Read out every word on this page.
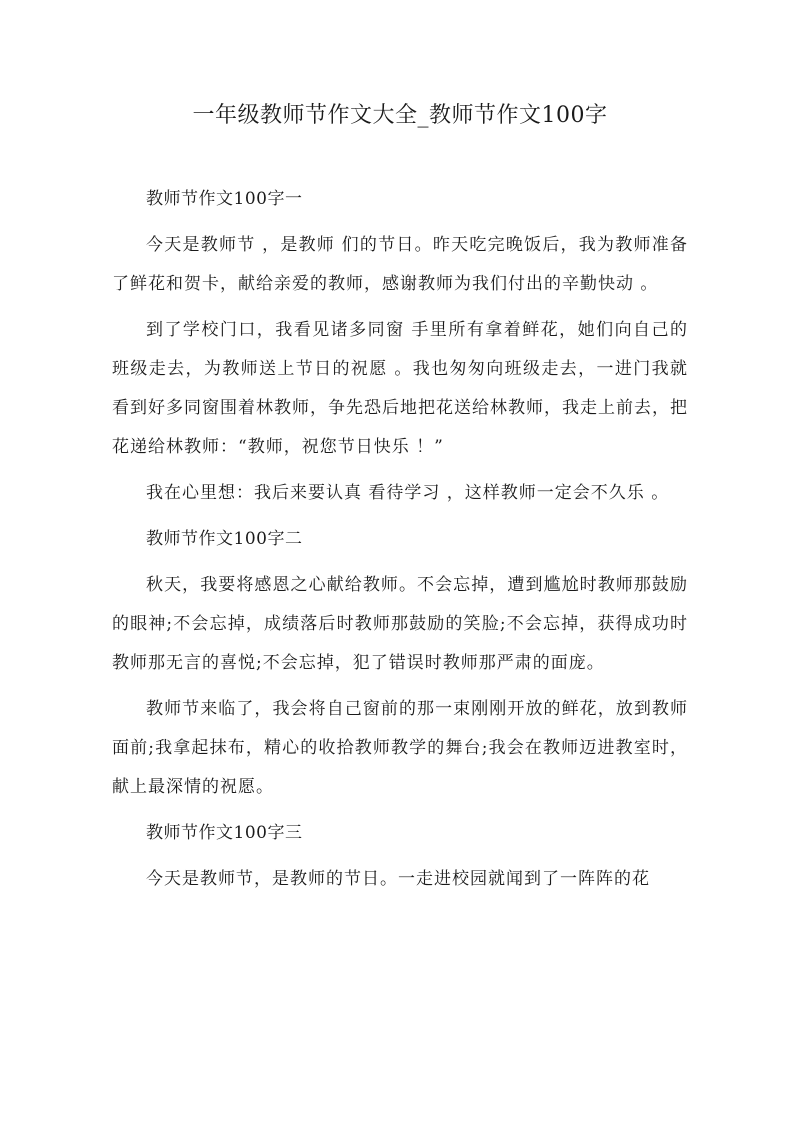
一年级教师节作文大全_教师节作文100字

教师节作文100字一

今天是教师节 ，是教师 们的节日。昨天吃完晚饭后，我为教师准备了鲜花和贺卡，献给亲爱的教师，感谢教师为我们付出的辛勤快动 。

到了学校门口，我看见诸多同窗 手里所有拿着鲜花，她们向自己的班级走去，为教师送上节日的祝愿 。我也匆匆向班级走去，一进门我就看到好多同窗围着林教师，争先恐后地把花送给林教师，我走上前去，把花递给林教师：“教师，祝您节日快乐 ！”

我在心里想：我后来要认真 看待学习 ，这样教师一定会不久乐 。

教师节作文100字二

秋天，我要将感恩之心献给教师。不会忘掉，遭到尴尬时教师那鼓励的眼神;不会忘掉，成绩落后时教师那鼓励的笑脸;不会忘掉，获得成功时教师那无言的喜悦;不会忘掉，犯了错误时教师那严肃的面庞。

教师节来临了，我会将自己窗前的那一束刚刚开放的鲜花，放到教师面前;我拿起抹布，精心的收拾教师教学的舞台;我会在教师迈进教室时，献上最深情的祝愿。

教师节作文100字三

今天是教师节，是教师的节日。一走进校园就闻到了一阵阵的花
